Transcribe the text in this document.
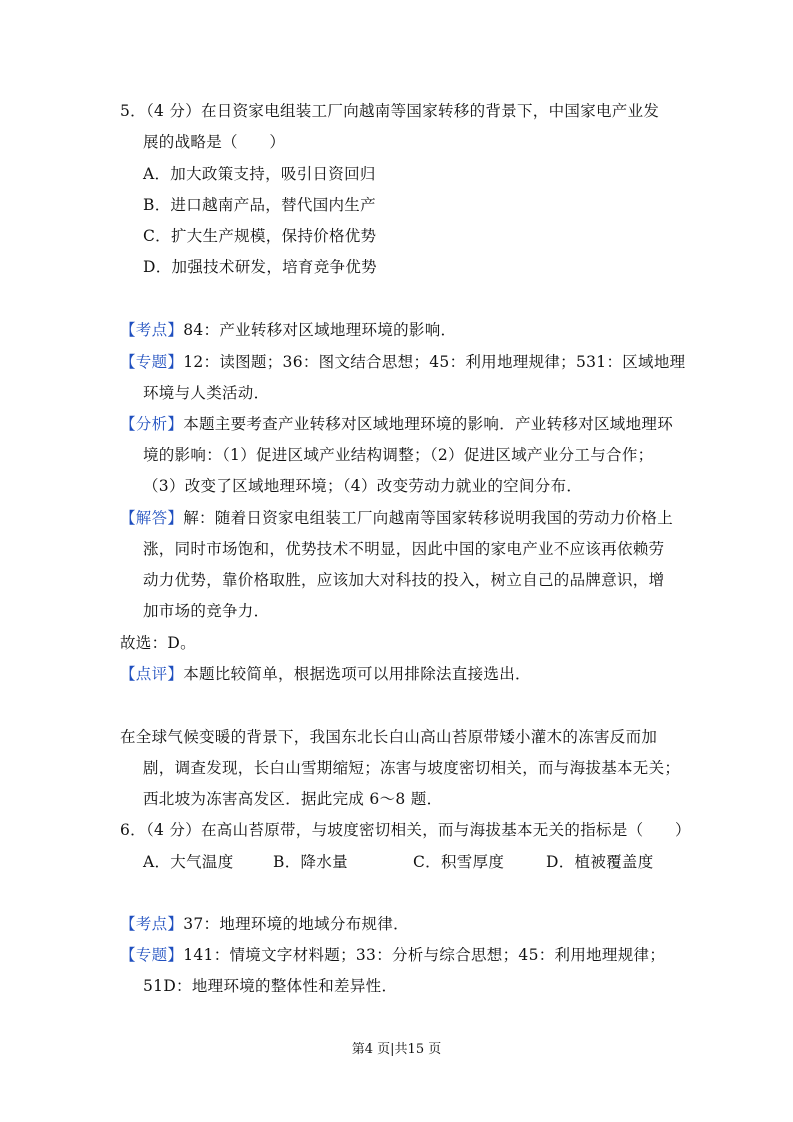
5．（4 分）在日资家电组装工厂向越南等国家转移的背景下，中国家电产业发
展的战略是（　　）
A．加大政策支持，吸引日资回归
B．进口越南产品，替代国内生产
C．扩大生产规模，保持价格优势
D．加强技术研发，培育竞争优势
【考点】84：产业转移对区域地理环境的影响．
【专题】12：读图题；36：图文结合思想；45：利用地理规律；531：区域地理
环境与人类活动．
【分析】本题主要考查产业转移对区域地理环境的影响．产业转移对区域地理环
境的影响：（1）促进区域产业结构调整；（2）促进区域产业分工与合作；
（3）改变了区域地理环境；（4）改变劳动力就业的空间分布．
【解答】解：随着日资家电组装工厂向越南等国家转移说明我国的劳动力价格上
涨，同时市场饱和，优势技术不明显，因此中国的家电产业不应该再依赖劳
动力优势，靠价格取胜，应该加大对科技的投入，树立自己的品牌意识，增
加市场的竞争力．
故选：D。
【点评】本题比较简单，根据选项可以用排除法直接选出．
在全球气候变暖的背景下，我国东北长白山高山苔原带矮小灌木的冻害反而加
剧，调查发现，长白山雪期缩短；冻害与坡度密切相关，而与海拔基本无关；
西北坡为冻害高发区．据此完成 6～8 题．
6．（4 分）在高山苔原带，与坡度密切相关，而与海拔基本无关的指标是（　　）
A．大气温度	B．降水量	C．积雪厚度	D．植被覆盖度
【考点】37：地理环境的地域分布规律．
【专题】141：情境文字材料题；33：分析与综合思想；45：利用地理规律；
51D：地理环境的整体性和差异性．
第4 页|共15 页
